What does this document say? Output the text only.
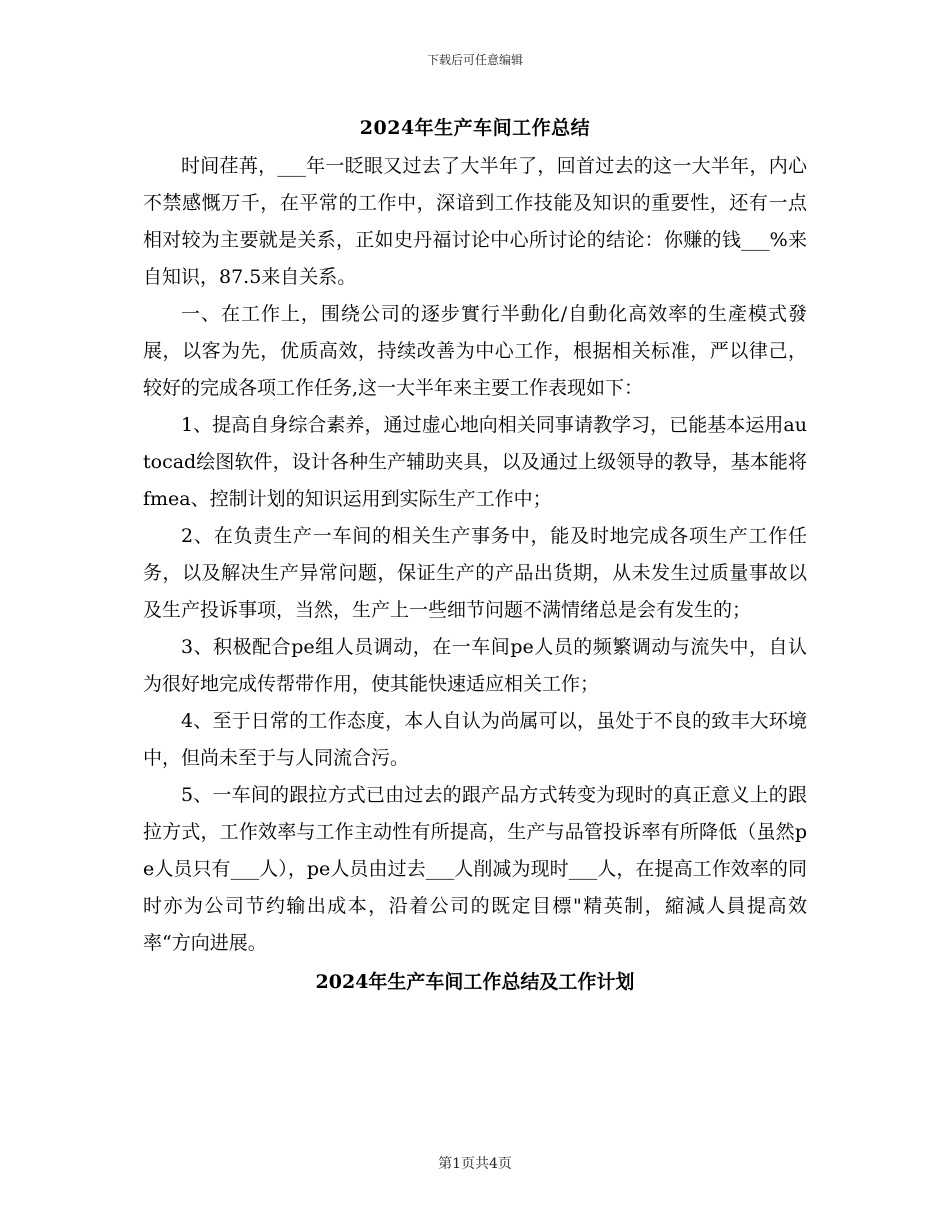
下载后可任意编辑
2024年生产车间工作总结

时间荏苒，___年一眨眼又过去了大半年了，回首过去的这一大半年，内心不禁感慨万千，在平常的工作中，深谙到工作技能及知识的重要性，还有一点相对较为主要就是关系，正如史丹福讨论中心所讨论的结论：你赚的钱___%来自知识，87.5来自关系。

一、在工作上，围绕公司的逐步實行半動化/自動化高效率的生產模式發展，以客为先，优质高效，持续改善为中心工作，根据相关标准，严以律己，较好的完成各项工作任务,这一大半年来主要工作表现如下：

1、提高自身综合素养，通过虚心地向相关同事请教学习，已能基本运用autocad绘图软件，设计各种生产辅助夹具，以及通过上级领导的教导，基本能将fmea、控制计划的知识运用到实际生产工作中；

2、在负责生产一车间的相关生产事务中，能及时地完成各项生产工作任务，以及解决生产异常问题，保证生产的产品出货期，从未发生过质量事故以及生产投诉事项，当然，生产上一些细节问题不满情绪总是会有发生的；

3、积极配合pe组人员调动，在一车间pe人员的频繁调动与流失中，自认为很好地完成传帮带作用，使其能快速适应相关工作；

4、至于日常的工作态度，本人自认为尚属可以，虽处于不良的致丰大环境中，但尚未至于与人同流合污。

5、一车间的跟拉方式已由过去的跟产品方式转变为现时的真正意义上的跟拉方式，工作效率与工作主动性有所提高，生产与品管投诉率有所降低（虽然pe人员只有___人），pe人员由过去___人削减为现时___人，在提高工作效率的同时亦为公司节约输出成本，沿着公司的既定目標"精英制，縮減人員提高效率“方向进展。

2024年生产车间工作总结及工作计划
第1页共4页
